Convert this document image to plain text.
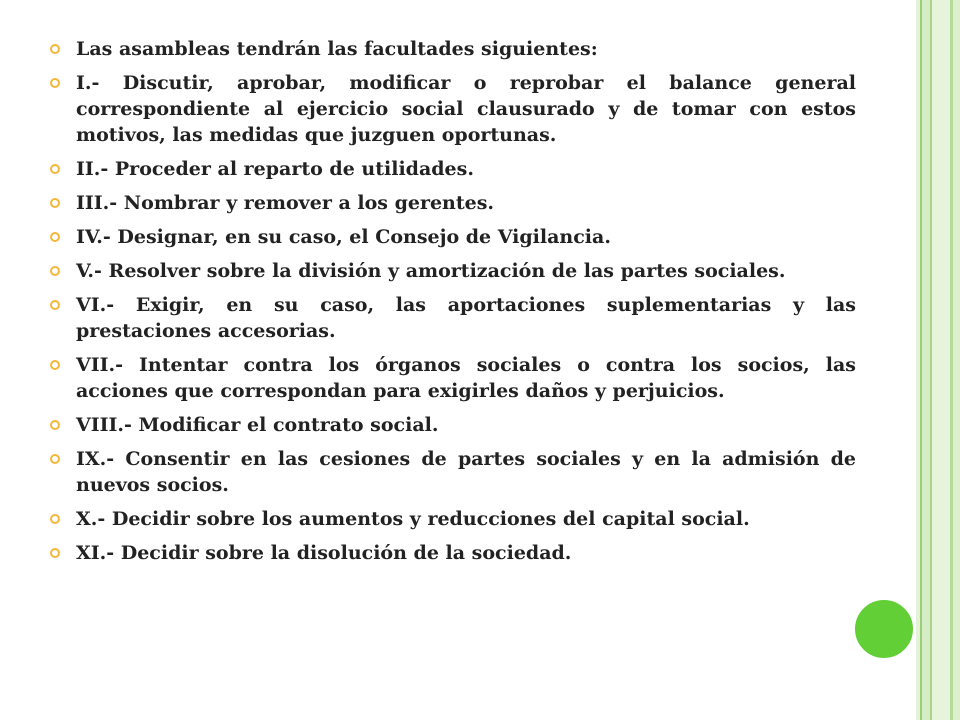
Las asambleas tendrán las facultades siguientes:
I.- Discutir, aprobar, modificar o reprobar el balance general correspondiente al ejercicio social clausurado y de tomar con estos motivos, las medidas que juzguen oportunas.
II.- Proceder al reparto de utilidades.
III.- Nombrar y remover a los gerentes.
IV.- Designar, en su caso, el Consejo de Vigilancia.
V.- Resolver sobre la división y amortización de las partes sociales.
VI.- Exigir, en su caso, las aportaciones suplementarias y las prestaciones accesorias.
VII.- Intentar contra los órganos sociales o contra los socios, las acciones que correspondan para exigirles daños y perjuicios.
VIII.- Modificar el contrato social.
IX.- Consentir en las cesiones de partes sociales y en la admisión de nuevos socios.
X.- Decidir sobre los aumentos y reducciones del capital social.
XI.- Decidir sobre la disolución de la sociedad.
